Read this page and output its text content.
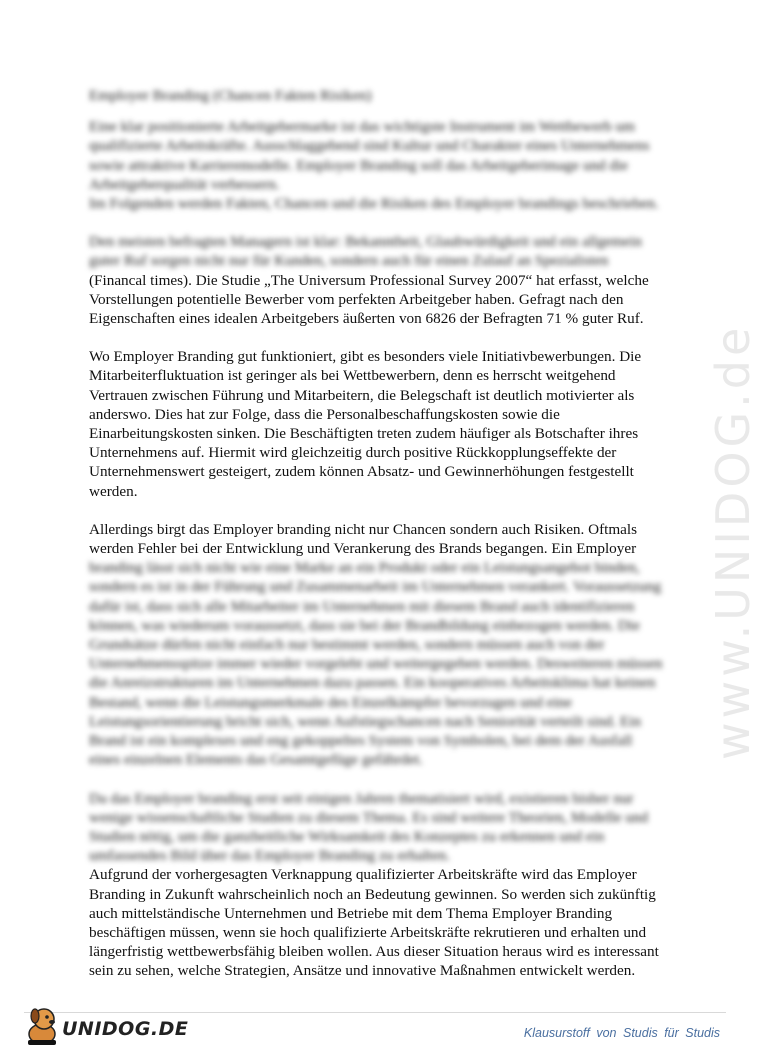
Employer Branding (Chancen Fakten Risiken)

Eine klar positionierte Arbeitgebermarke ist das wichtigste Instrument im Wettbewerb um qualifizierte Arbeitskräfte. Ausschlaggebend sind Kultur und Charakter eines Unternehmens sowie attraktive Karrieremodelle. Employer Branding soll das Arbeitgeberimage und die Arbeitgeberqualität verbessern.

Im Folgenden werden Fakten, Chancen und die Risiken des Employer brandings beschrieben.

Den meisten befragten Managern ist klar: Bekanntheit, Glaubwürdigkeit und ein allgemein guter Ruf sorgen nicht nur für Kunden, sondern auch für einen Zulauf an Spezialisten (Financal times). Die Studie „The Universum Professional Survey 2007“ hat erfasst, welche Vorstellungen potentielle Bewerber vom perfekten Arbeitgeber haben. Gefragt nach den Eigenschaften eines idealen Arbeitgebers äußerten von 6826 der Befragten 71 % guter Ruf.

Wo Employer Branding gut funktioniert, gibt es besonders viele Initiativbewerbungen. Die Mitarbeiterfluktuation ist geringer als bei Wettbewerbern, denn es herrscht weitgehend Vertrauen zwischen Führung und Mitarbeitern, die Belegschaft ist deutlich motivierter als anderswo. Dies hat zur Folge, dass die Personalbeschaffungskosten sowie die Einarbeitungskosten sinken. Die Beschäftigten treten zudem häufiger als Botschafter ihres Unternehmens auf. Hiermit wird gleichzeitig durch positive Rückkopplungseffekte der Unternehmenswert gesteigert, zudem können Absatz- und Gewinnerhöhungen festgestellt werden.

Allerdings birgt das Employer branding nicht nur Chancen sondern auch Risiken. Oftmals werden Fehler bei der Entwicklung und Verankerung des Brands begangen. Ein Employer branding lässt sich nicht wie eine Marke an ein Produkt oder ein Leistungsangebot binden, sondern es ist in der Führung und Zusammenarbeit im Unternehmen verankert. Voraussetzung dafür ist, dass sich alle Mitarbeiter im Unternehmen mit diesem Brand auch identifizieren können, was wiederum voraussetzt, dass sie bei der Brandbildung einbezogen werden. Die Grundsätze dürfen nicht einfach nur bestimmt werden, sondern müssen auch von der Unternehmensspitze immer wieder vorgelebt und weitergegeben werden. Desweiteren müssen die Anreizstrukturen im Unternehmen dazu passen. Ein kooperatives Arbeitsklima hat keinen Bestand, wenn die Leistungsmerkmale des Einzelkämpfer bevorzugen und eine Leistungsorientierung bricht sich, wenn Aufstiegschancen nach Seniorität verteilt sind. Ein Brand ist ein komplexes und eng gekoppeltes System von Symbolen, bei dem der Ausfall eines einzelnen Elements das Gesamtgefüge gefährdet.

Da das Employer branding erst seit einigen Jahren thematisiert wird, existieren bisher nur wenige wissenschaftliche Studien zu diesem Thema. Es sind weitere Theorien, Modelle und Studien nötig, um die ganzheitliche Wirksamkeit des Konzeptes zu erkennen und ein umfassendes Bild über das Employer Branding zu erhalten.

Aufgrund der vorhergesagten Verknappung qualifizierter Arbeitskräfte wird das Employer Branding in Zukunft wahrscheinlich noch an Bedeutung gewinnen. So werden sich zukünftig auch mittelständische Unternehmen und Betriebe mit dem Thema Employer Branding beschäftigen müssen, wenn sie hoch qualifizierte Arbeitskräfte rekrutieren und erhalten und längerfristig wettbewerbsfähig bleiben wollen. Aus dieser Situation heraus wird es interessant sein zu sehen, welche Strategien, Ansätze und innovative Maßnahmen entwickelt werden.

www.UNIDOG.de
UNIDOG.DE	Klausurstoff von Studis für Studis
